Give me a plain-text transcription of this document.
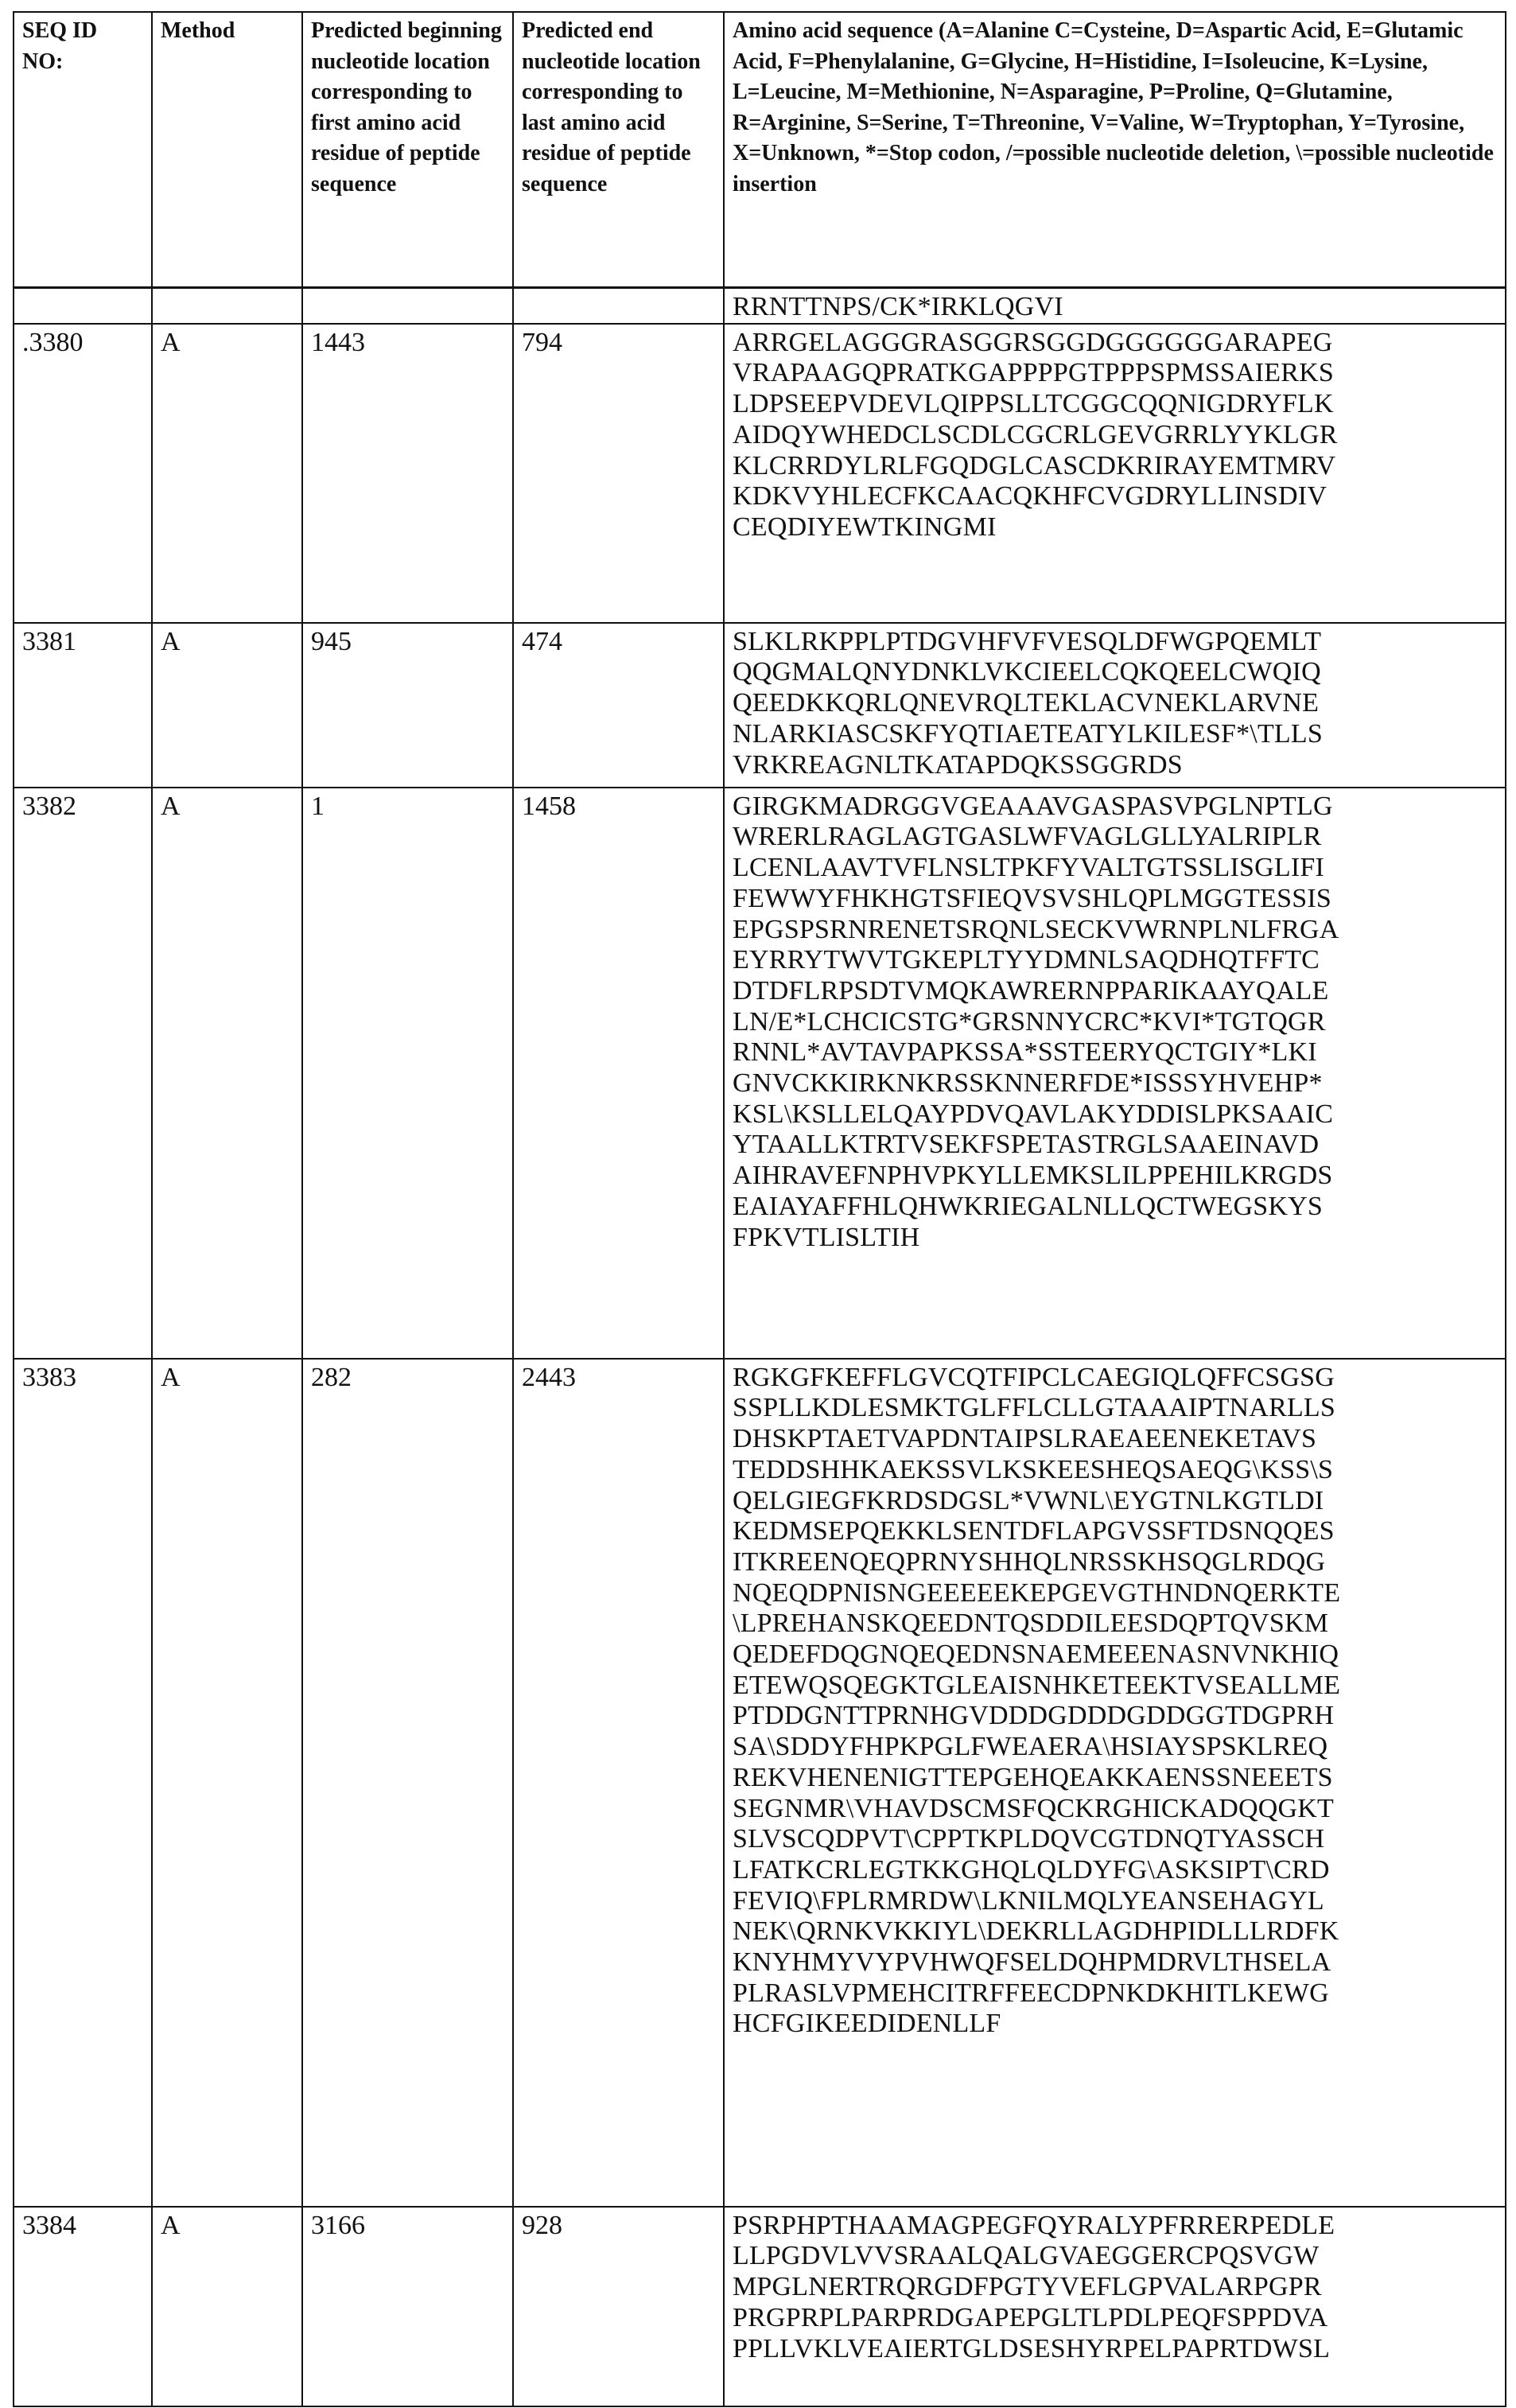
SEQ ID NO:	Method	Predicted beginning nucleotide location corresponding to first amino acid residue of peptide sequence	Predicted end nucleotide location corresponding to last amino acid residue of peptide sequence	Amino acid sequence (A=Alanine C=Cysteine, D=Aspartic Acid, E=Glutamic Acid, F=Phenylalanine, G=Glycine, H=Histidine, I=Isoleucine, K=Lysine, L=Leucine, M=Methionine, N=Asparagine, P=Proline, Q=Glutamine, R=Arginine, S=Serine, T=Threonine, V=Valine, W=Tryptophan, Y=Tyrosine, X=Unknown, *=Stop codon, /=possible nucleotide deletion, \=possible nucleotide insertion

				RRNTTNPS/CK*IRKLQGVI

.3380	A	1443	794	ARRGELAGGGRASGGRSGGDGGGGGGARAPEG
VRAPAAGQPRATKGAPPPPGTPPPSPMSSAIERKS
LDPSEEPVDEVLQIPPSLLTCGGCQQNIGDRYFLK
AIDQYWHEDCLSCDLCGCRLGEVGRRLYYKLGR
KLCRRDYLRLFGQDGLCASCDKRIRAYEMTMRV
KDKVYHLECFKCAACQKHFCVGDRYLLINSDIV
CEQDIYEWTKINGMI

3381	A	945	474	SLKLRKPPLPTDGVHFVFVESQLDFWGPQEMLT
QQGMALQNYDNKLVKCIEELCQKQEELCWQIQ
QEEDKKQRLQNEVRQLTEKLACVNEKLARVNE
NLARKIASCSKFYQTIAETEATYLKILESF*\TLLS
VRKREAGNLTKATAPDQKSSGGRDS

3382	A	1	1458	GIRGKMADRGGVGEAAAVGASPASVPGLNPTLG
WRERLRAGLAGTGASLWFVAGLGLLYALRIPLR
LCENLAAVTVFLNSLTPKFYVALTGTSSLISGLIFI
FEWWYFHKHGTSFIEQVSVSHLQPLMGGTESSIS
EPGSPSRNRENETSRQNLSECKVWRNPLNLFRGA
EYRRYTWVTGKEPLTYYDMNLSAQDHQTFFTC
DTDFLRPSDTVMQKAWRERNPPARIKAAYQALE
LN/E*LCHCICSTG*GRSNNYCRC*KVI*TGTQGR
RNNL*AVTAVPAPKSSA*SSTEERYQCTGIY*LKI
GNVCKKIRKNKRSSKNNERFDE*ISSSYHVEHP*
KSL\KSLLELQAYPDVQAVLAKYDDISLPKSAAIC
YTAALLKTRTVSEKFSPETASTRGLSAAEINAVD
AIHRAVEFNPHVPKYLLEMKSLILPPEHILKRGDS
EAIAYAFFHLQHWKRIEGALNLLQCTWEGSKYS
FPKVTLISLTIH

3383	A	282	2443	RGKGFKEFFLGVCQTFIPCLCAEGIQLQFFCSGSG
SSPLLKDLESMKTGLFFLCLLGTAAAIPTNARLLS
DHSKPTAETVAPDNTAIPSLRAEAEENEKETAVS
TEDDSHHKAEKSSVLKSKEESHEQSAEQG\KSS\S
QELGIEGFKRDSDGSL*VWNL\EYGTNLKGTLDI
KEDMSEPQEKKLSENTDFLAPGVSSFTDSNQQES
ITKREENQEQPRNYSHHQLNRSSKHSQGLRDQG
NQEQDPNISNGEEEEEKEPGEVGTHNDNQERKTE
\LPREHANSKQEEDNTQSDDILEESDQPTQVSKM
QEDEFDQGNQEQEDNSNAEMEEENASNVNKHIQ
ETEWQSQEGKTGLEAISNHKETEEKTVSEALLME
PTDDGNTTPRNHGVDDDGDDDGDDGGTDGPRH
SA\SDDYFHPKPGLFWEAERA\HSIAYSPSKLREQ
REKVHENENIGTTEPGEHQEAKKAENSSNEEETS
SEGNMR\VHAVDSCMSFQCKRGHICKADQQGKT
SLVSCQDPVT\CPPTKPLDQVCGTDNQTYASSCH
LFATKCRLEGTKKGHQLQLDYFG\ASKSIPT\CRD
FEVIQ\FPLRMRDW\LKNILMQLYEANSEHAGYL
NEK\QRNKVKKIYL\DEKRLLAGDHPIDLLLRDFK
KNYHMYVYPVHWQFSELDQHPMDRVLTHSELA
PLRASLVPMEHCITRFFEECDPNKDKHITLKEWG
HCFGIKEEDIDENLLF

3384	A	3166	928	PSRPHPTHAAMAGPEGFQYRALYPFRRERPEDLE
LLPGDVLVVSRAALQALGVAEGGERCPQSVGW
MPGLNERTRQRGDFPGTYVEFLGPVALARPGPR
PRGPRPLPARPRDGAPEPGLTLPDLPEQFSPPDVA
PPLLVKLVEAIERTGLDSESHYRPELPAPRTDWSL
